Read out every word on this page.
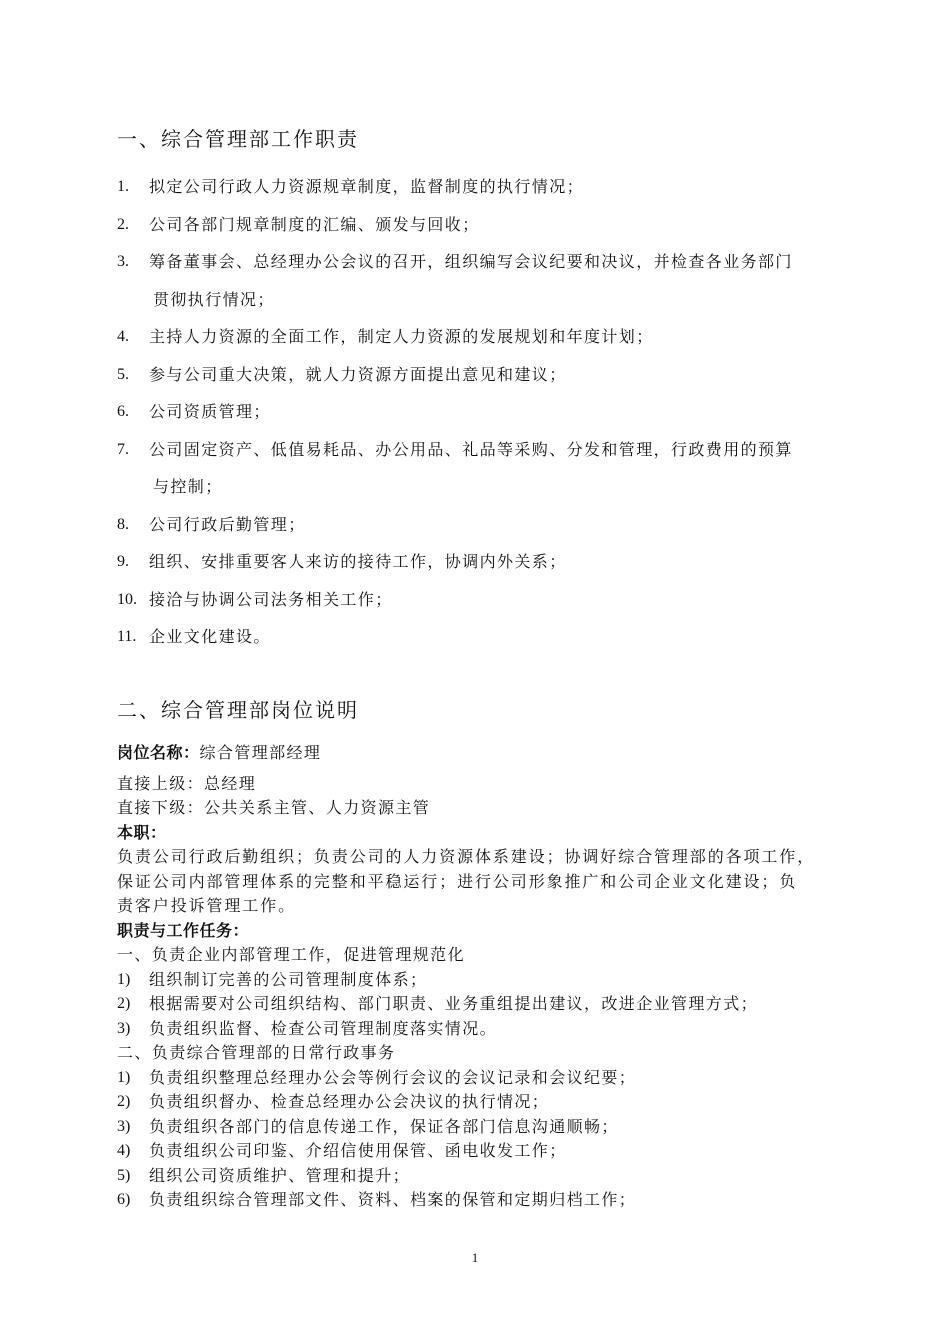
一、综合管理部工作职责
1.	拟定公司行政人力资源规章制度，监督制度的执行情况；
2.	公司各部门规章制度的汇编、颁发与回收；
3.	筹备董事会、总经理办公会议的召开，组织编写会议纪要和决议，并检查各业务部门
贯彻执行情况；
4.	主持人力资源的全面工作，制定人力资源的发展规划和年度计划；
5.	参与公司重大决策，就人力资源方面提出意见和建议；
6.	公司资质管理；
7.	公司固定资产、低值易耗品、办公用品、礼品等采购、分发和管理，行政费用的预算
与控制；
8.	公司行政后勤管理；
9.	组织、安排重要客人来访的接待工作，协调内外关系；
10. 接洽与协调公司法务相关工作；
11. 企业文化建设。
二、综合管理部岗位说明

岗位名称：综合管理部经理

直接上级：总经理

直接下级：公共关系主管、人力资源主管

本职：

负责公司行政后勤组织；负责公司的人力资源体系建设；协调好综合管理部的各项工作，

保证公司内部管理体系的完整和平稳运行；进行公司形象推广和公司企业文化建设；负

责客户投诉管理工作。

职责与工作任务：

一、负责企业内部管理工作，促进管理规范化

1)	组织制订完善的公司管理制度体系；

2)	根据需要对公司组织结构、部门职责、业务重组提出建议，改进企业管理方式；

3)	负责组织监督、检查公司管理制度落实情况。

二、负责综合管理部的日常行政事务

1)	负责组织整理总经理办公会等例行会议的会议记录和会议纪要；

2)	负责组织督办、检查总经理办公会决议的执行情况；

3)	负责组织各部门的信息传递工作，保证各部门信息沟通顺畅；

4)	负责组织公司印鉴、介绍信使用保管、函电收发工作；

5)	组织公司资质维护、管理和提升；

6)	负责组织综合管理部文件、资料、档案的保管和定期归档工作；

1
